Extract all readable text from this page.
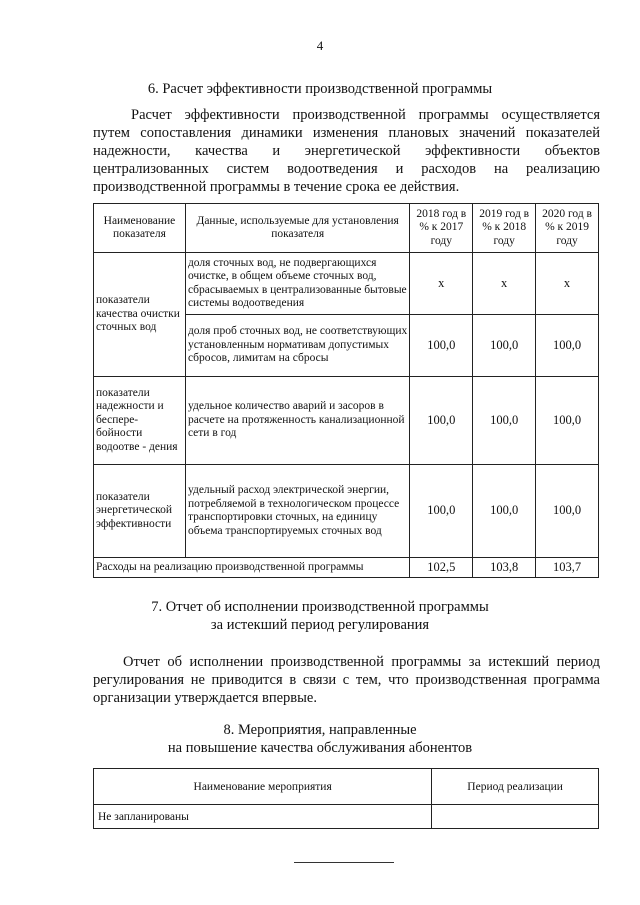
4
6. Расчет эффективности производственной программы
Расчет эффективности производственной программы осуществляется
путем сопоставления динамики изменения плановых значений показателей
надежности, качества и энергетической эффективности объектов
централизованных систем водоотведения и расходов на реализацию
производственной программы в течение срока ее действия.
Наименование показателя	Данные, используемые для установления показателя	2018 год в % к 2017 году	2019 год в % к 2018 году	2020 год в % к 2019 году
показатели качества очистки сточных вод	доля сточных вод, не подвергающихся очистке, в общем объеме сточных вод, сбрасываемых в централизованные бытовые системы водоотведения	x	x	x
	доля проб сточных вод, не соответствующих установленным нормативам допустимых сбросов, лимитам на сбросы	100,0	100,0	100,0
показатели надежности и беспере- бойности водоотве - дения	удельное количество аварий и засоров в расчете на протяженность канализационной сети в год	100,0	100,0	100,0
показатели энергетической эффективности	удельный расход электрической энергии, потребляемой в технологическом процессе транспортировки сточных, на единицу объема транспортируемых сточных вод	100,0	100,0	100,0
Расходы на реализацию производственной программы		102,5	103,8	103,7
7. Отчет об исполнении производственной программы
за истекший период регулирования
Отчет об исполнении производственной программы за истекший период
регулирования не приводится в связи с тем, что производственная программа
организации утверждается впервые.
8. Мероприятия, направленные
на повышение качества обслуживания абонентов
Наименование мероприятия	Период реализации
Не запланированы	
